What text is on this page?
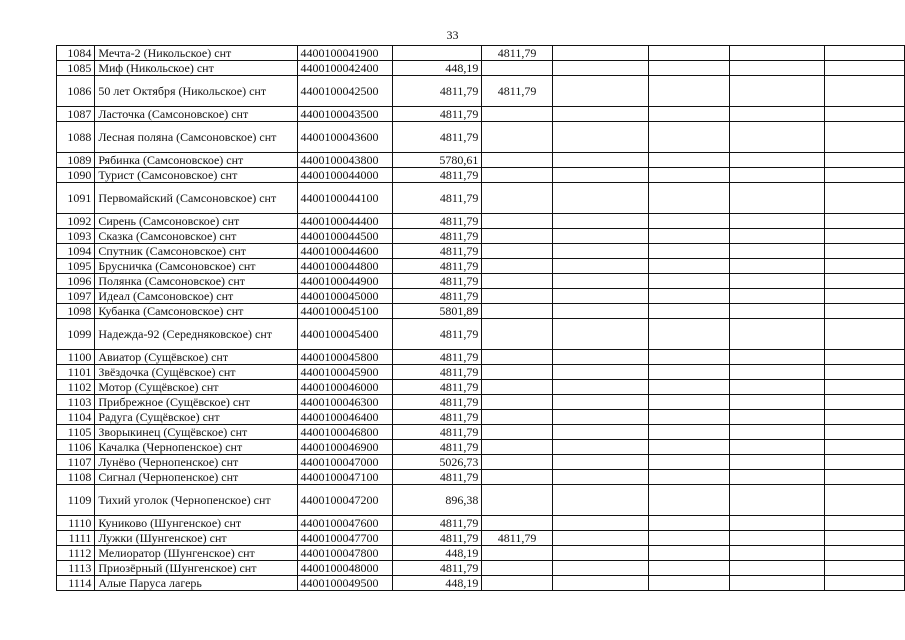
33
1084	Мечта-2 (Никольское) снт	4400100041900		4811,79				
1085	Миф (Никольское) снт	4400100042400	448,19					
1086	50 лет Октября (Никольское) снт	4400100042500	4811,79	4811,79				
1087	Ласточка (Самсоновское) снт	4400100043500	4811,79					
1088	Лесная поляна (Самсоновское) снт	4400100043600	4811,79					
1089	Рябинка (Самсоновское) снт	4400100043800	5780,61					
1090	Турист (Самсоновское) снт	4400100044000	4811,79					
1091	Первомайский (Самсоновское) снт	4400100044100	4811,79					
1092	Сирень (Самсоновское) снт	4400100044400	4811,79					
1093	Сказка (Самсоновское) снт	4400100044500	4811,79					
1094	Спутник (Самсоновское) снт	4400100044600	4811,79					
1095	Брусничка (Самсоновское) снт	4400100044800	4811,79					
1096	Полянка (Самсоновское) снт	4400100044900	4811,79					
1097	Идеал (Самсоновское) снт	4400100045000	4811,79					
1098	Кубанка (Самсоновское) снт	4400100045100	5801,89					
1099	Надежда-92 (Середняковское) снт	4400100045400	4811,79					
1100	Авиатор (Сущёвское) снт	4400100045800	4811,79					
1101	Звёздочка (Сущёвское) снт	4400100045900	4811,79					
1102	Мотор (Сущёвское) снт	4400100046000	4811,79					
1103	Прибрежное (Сущёвское) снт	4400100046300	4811,79					
1104	Радуга (Сущёвское) снт	4400100046400	4811,79					
1105	Зворыкинец (Сущёвское) снт	4400100046800	4811,79					
1106	Качалка (Чернопенское) снт	4400100046900	4811,79					
1107	Лунёво (Чернопенское) снт	4400100047000	5026,73					
1108	Сигнал (Чернопенское) снт	4400100047100	4811,79					
1109	Тихий уголок (Чернопенское) снт	4400100047200	896,38					
1110	Куниково (Шунгенское) снт	4400100047600	4811,79					
1111	Лужки (Шунгенское) снт	4400100047700	4811,79	4811,79				
1112	Мелиоратор (Шунгенское) снт	4400100047800	448,19					
1113	Приозёрный (Шунгенское) снт	4400100048000	4811,79					
1114	Алые Паруса лагерь	4400100049500	448,19					
